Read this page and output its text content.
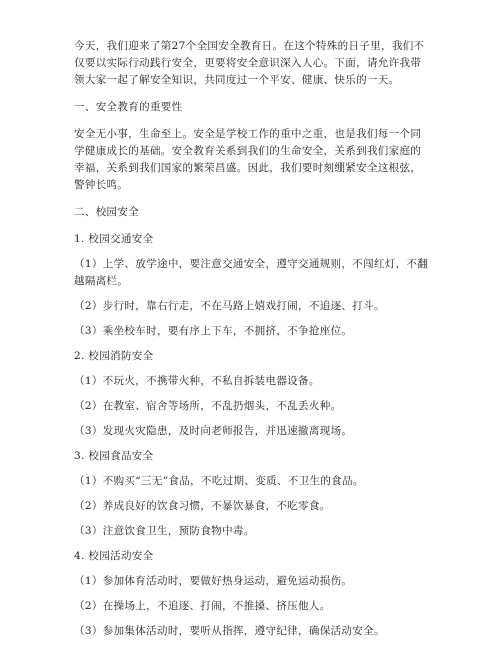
今天，我们迎来了第27个全国安全教育日。在这个特殊的日子里，我们不仅要以实际行动践行安全，更要将安全意识深入人心。下面，请允许我带领大家一起了解安全知识，共同度过一个平安、健康、快乐的一天。

一、安全教育的重要性

安全无小事，生命至上。安全是学校工作的重中之重，也是我们每一个同学健康成长的基础。安全教育关系到我们的生命安全，关系到我们家庭的幸福，关系到我们国家的繁荣昌盛。因此，我们要时刻绷紧安全这根弦，警钟长鸣。

二、校园安全

1. 校园交通安全

（1）上学、放学途中，要注意交通安全，遵守交通规则，不闯红灯，不翻越隔离栏。

（2）步行时，靠右行走，不在马路上嬉戏打闹，不追逐、打斗。

（3）乘坐校车时，要有序上下车，不拥挤，不争抢座位。

2. 校园消防安全

（1）不玩火，不携带火种，不私自拆装电器设备。

（2）在教室、宿舍等场所，不乱扔烟头，不乱丢火种。

（3）发现火灾隐患，及时向老师报告，并迅速撤离现场。

3. 校园食品安全

（1）不购买“三无”食品，不吃过期、变质、不卫生的食品。

（2）养成良好的饮食习惯，不暴饮暴食，不吃零食。

（3）注意饮食卫生，预防食物中毒。

4. 校园活动安全

（1）参加体育活动时，要做好热身运动，避免运动损伤。

（2）在操场上，不追逐、打闹，不推搡、挤压他人。

（3）参加集体活动时，要听从指挥，遵守纪律，确保活动安全。
